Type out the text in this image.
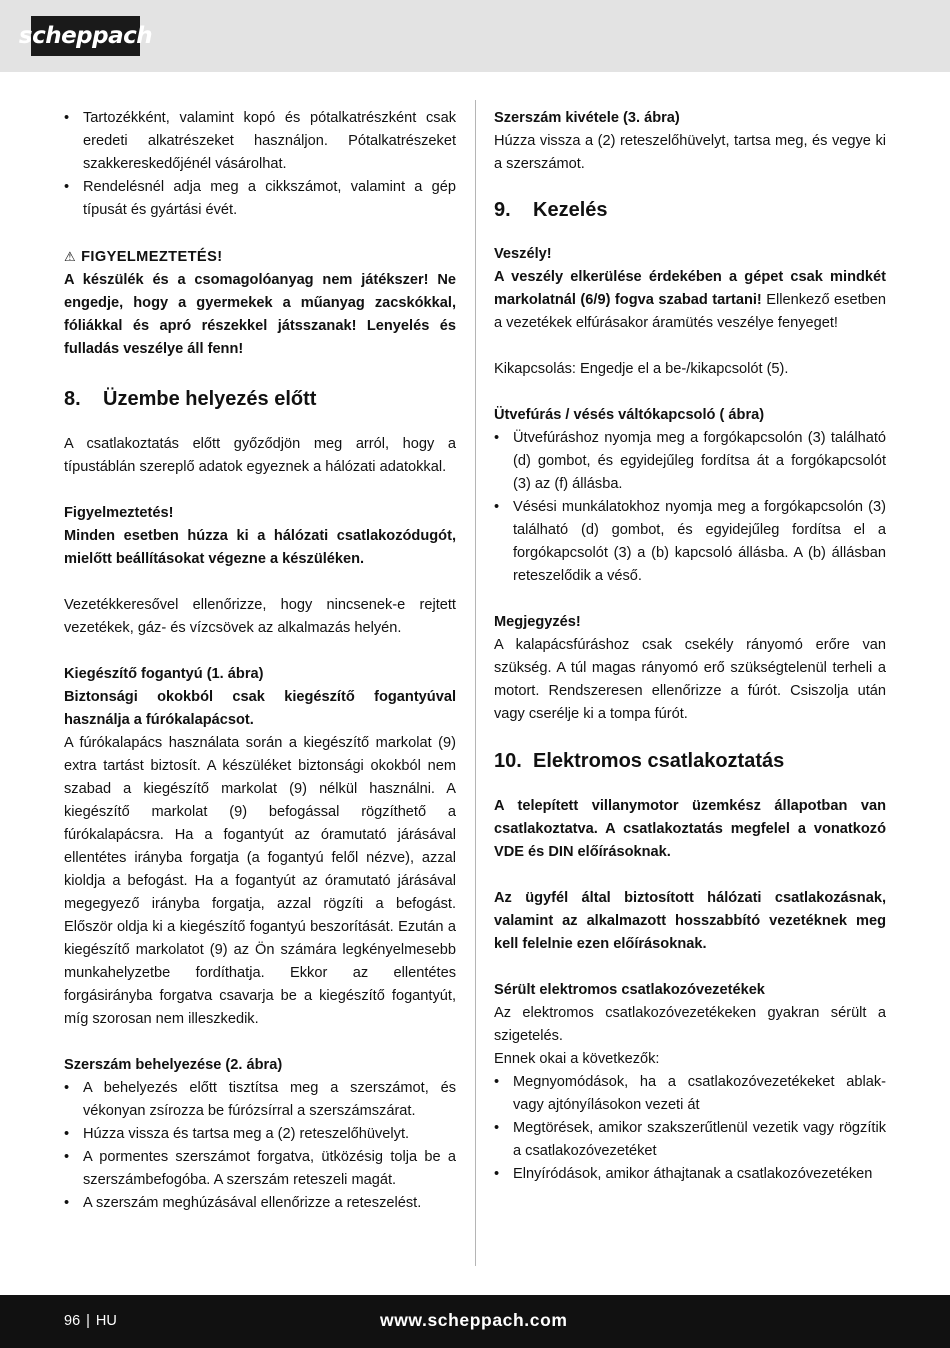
scheppach
• Tartozékként, valamint kopó és pótalkatrészként csak eredeti alkatrészeket használjon. Pótalkatrészeket szakkereskedőjénél vásárolhat.
• Rendelésnél adja meg a cikkszámot, valamint a gép típusát és gyártási évét.

⚠ FIGYELMEZTETÉS!

A készülék és a csomagolóanyag nem játékszer! Ne engedje, hogy a gyermekek a műanyag zacskókkal, fóliákkal és apró részekkel játsszanak! Lenyelés és fulladás veszélye áll fenn!

8.	Üzembe helyezés előtt

A csatlakoztatás előtt győződjön meg arról, hogy a típustáblán szereplő adatok egyeznek a hálózati adatokkal.

Figyelmeztetés!

Minden esetben húzza ki a hálózati csatlakozódugót, mielőtt beállításokat végezne a készüléken.

Vezetékkeresővel ellenőrizze, hogy nincsenek-e rejtett vezetékek, gáz- és vízcsövek az alkalmazás helyén.

Kiegészítő fogantyú (1. ábra)

Biztonsági okokból csak kiegészítő fogantyúval használja a fúrókalapácsot.

A fúrókalapács használata során a kiegészítő markolat (9) extra tartást biztosít. A készüléket biztonsági okokból nem szabad a kiegészítő markolat (9) nélkül használni. A kiegészítő markolat (9) befogással rögzíthető a fúrókalapácsra. Ha a fogantyút az óramutató járásával ellentétes irányba forgatja (a fogantyú felől nézve), azzal kioldja a befogást. Ha a fogantyút az óramutató járásával megegyező irányba forgatja, azzal rögzíti a befogást. Először oldja ki a kiegészítő fogantyú beszorítását. Ezután a kiegészítő markolatot (9) az Ön számára legkényelmesebb munkahelyzetbe fordíthatja. Ekkor az ellentétes forgásirányba forgatva csavarja be a kiegészítő fogantyút, míg szorosan nem illeszkedik.

Szerszám behelyezése (2. ábra)

• A behelyezés előtt tisztítsa meg a szerszámot, és vékonyan zsírozza be fúrózsírral a szerszámszárat.
• Húzza vissza és tartsa meg a (2) reteszelőhüvelyt.
• A pormentes szerszámot forgatva, ütközésig tolja be a szerszámbefogóba. A szerszám reteszeli magát.
• A szerszám meghúzásával ellenőrizze a reteszelést.

Szerszám kivétele (3. ábra)

Húzza vissza a (2) reteszelőhüvelyt, tartsa meg, és vegye ki a szerszámot.

9.	Kezelés

Veszély!

A veszély elkerülése érdekében a gépet csak mindkét markolatnál (6/9) fogva szabad tartani! Ellenkező esetben a vezetékek elfúrásakor áramütés veszélye fenyeget!

Kikapcsolás: Engedje el a be-/kikapcsolót (5).

Ütvefúrás / vésés váltókapcsoló ( ábra)

• Ütvefúráshoz nyomja meg a forgókapcsolón (3) található (d) gombot, és egyidejűleg fordítsa át a forgókapcsolót (3) az (f) állásba.
• Vésési munkálatokhoz nyomja meg a forgókapcsolón (3) található (d) gombot, és egyidejűleg fordítsa el a forgókapcsolót (3) a (b) kapcsoló állásba. A (b) állásban reteszelődik a véső.

Megjegyzés!

A kalapácsfúráshoz csak csekély rányomó erőre van szükség. A túl magas rányomó erő szükségtelenül terheli a motort. Rendszeresen ellenőrizze a fúrót. Csiszolja után vagy cserélje ki a tompa fúrót.

10. Elektromos csatlakoztatás

A telepített villanymotor üzemkész állapotban van csatlakoztatva. A csatlakoztatás megfelel a vonatkozó VDE és DIN előírásoknak.

Az ügyfél által biztosított hálózati csatlakozásnak, valamint az alkalmazott hosszabbító vezetéknek meg kell felelnie ezen előírásoknak.

Sérült elektromos csatlakozóvezetékek

Az elektromos csatlakozóvezetékeken gyakran sérült a szigetelés.

Ennek okai a következők:

• Megnyomódások, ha a csatlakozóvezetékeket ablak- vagy ajtónyílásokon vezeti át
• Megtörések, amikor szakszerűtlenül vezetik vagy rögzítik a csatlakozóvezetéket
• Elnyíródások, amikor áthajtanak a csatlakozóvezetéken
96 | HU	www.scheppach.com
